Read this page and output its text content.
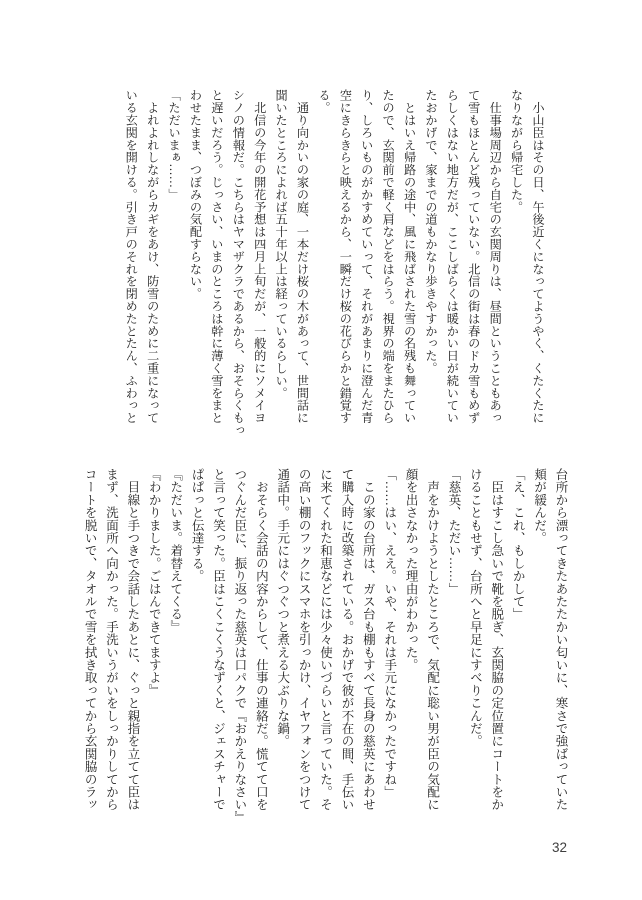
　小山臣はその日、午後近くになってようやく、くたくたに
なりながら帰宅した。
　仕事場周辺から自宅の玄関周りは、昼間ということもあっ
て雪もほとんど残っていない。北信の街は春のドカ雪もめず
らしくはない地方だが、ここしばらくは暖かい日が続いてい
たおかげで、家までの道もかなり歩きやすかった。
　とはいえ帰路の途中、風に飛ばされた雪の名残も舞ってい
たので、玄関前で軽く肩などをはらう。視界の端をまたひら
り、しろいものがかすめていって、それがあまりに澄んだ青
空にきらきらと映えるから、一瞬だけ桜の花びらかと錯覚す
る。
　通り向かいの家の庭、一本だけ桜の木があって、世間話に
聞いたところによれば五十年以上は経っているらしい。
　北信の今年の開花予想は四月上旬だが、一般的にソメイヨ
シノの情報だ。こちらはヤマザクラであるから、おそらくもっ
と遅いだろう。じっさい、いまのところは幹に薄く雪をまと
わせたまま、つぼみの気配すらない。
「ただいまぁ……」
　よれよれしながらカギをあけ、防雪のために二重になって
いる玄関を開ける。引き戸のそれを閉めたとたん、ふわっと
台所から漂ってきたあたたかい匂いに、寒さで強ばっていた
頬が緩んだ。
「え、これ、もしかして」
　臣はすこし急いで靴を脱ぎ、玄関脇の定位置にコートをか
けることもせず、台所へと早足にすべりこんだ。
「慈英、ただい……」
　声をかけようとしたところで、気配に聡い男が臣の気配に
顔を出さなかった理由がわかった。
「……はい、ええ。いや、それは手元になかったですね」
　この家の台所は、ガス台も棚もすべて長身の慈英にあわせ
て購入時に改築されている。おかげで彼が不在の間、手伝い
に来てくれた和恵などには少々使いづらいと言っていた。そ
の高い棚のフックにスマホを引っかけ、イヤフォンをつけて
通話中。手元にはぐつぐつと煮える大ぶりな鍋。
　おそらく会話の内容からして、仕事の連絡だ。慌てて口を
つぐんだ臣に、振り返った慈英は口パクで『おかえりなさい』
と言って笑った。臣はこくこくうなずくと、ジェスチャーで
ぱぱっと伝達する。
『ただいま。着替えてくる』
『わかりました。ごはんできてますよ』
　目線と手つきで会話したあとに、ぐっと親指を立てて臣は
まず、洗面所へ向かった。手洗いうがいをしっかりしてから
コートを脱いで、タオルで雪を拭き取ってから玄関脇のラッ
32
